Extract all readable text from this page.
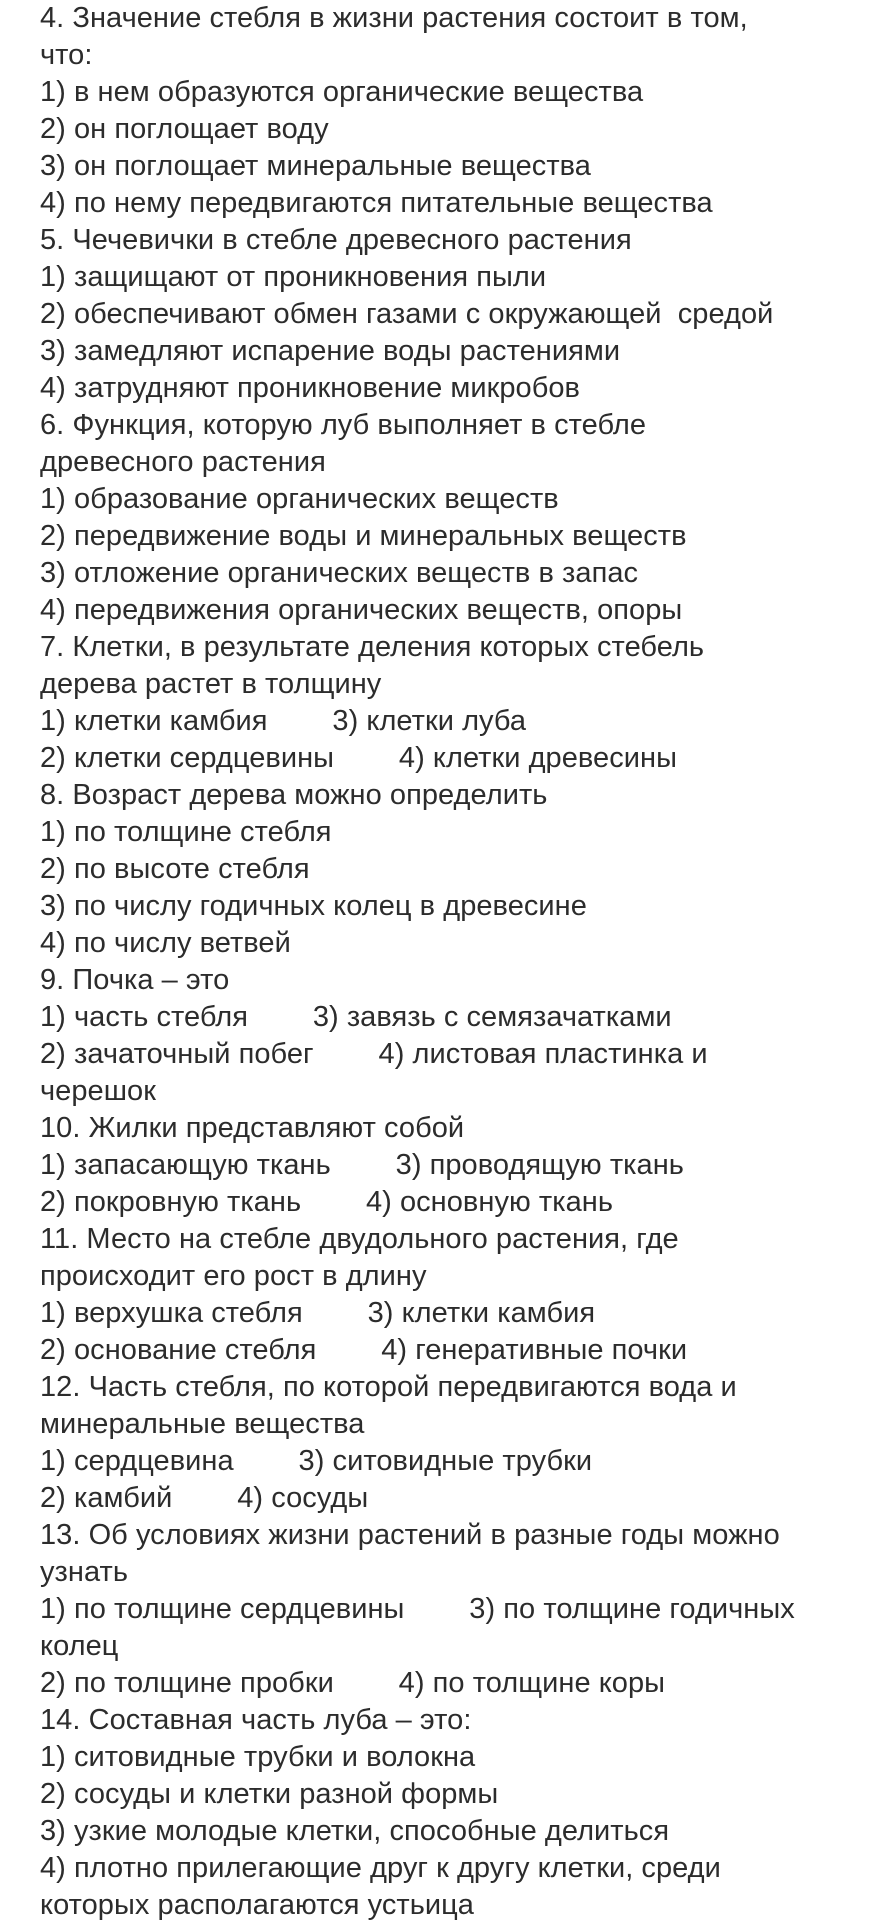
4. Значение стебля в жизни растения состоит в том,
что:
1) в нем образуются органические вещества
2) он поглощает воду
3) он поглощает минеральные вещества
4) по нему передвигаются питательные вещества
5. Чечевички в стебле древесного растения
1) защищают от проникновения пыли
2) обеспечивают обмен газами с окружающей  средой
3) замедляют испарение воды растениями
4) затрудняют проникновение микробов
6. Функция, которую луб выполняет в стебле
древесного растения
1) образование органических веществ
2) передвижение воды и минеральных веществ
3) отложение органических веществ в запас
4) передвижения органических веществ, опоры
7. Клетки, в результате деления которых стебель
дерева растет в толщину
1) клетки камбия        3) клетки луба
2) клетки сердцевины        4) клетки древесины
8. Возраст дерева можно определить
1) по толщине стебля
2) по высоте стебля
3) по числу годичных колец в древесине
4) по числу ветвей
9. Почка – это
1) часть стебля        3) завязь с семязачатками
2) зачаточный побег        4) листовая пластинка и
черешок
10. Жилки представляют собой
1) запасающую ткань        3) проводящую ткань
2) покровную ткань        4) основную ткань
11. Место на стебле двудольного растения, где
происходит его рост в длину
1) верхушка стебля        3) клетки камбия
2) основание стебля        4) генеративные почки
12. Часть стебля, по которой передвигаются вода и
минеральные вещества
1) сердцевина        3) ситовидные трубки
2) камбий        4) сосуды
13. Об условиях жизни растений в разные годы можно
узнать
1) по толщине сердцевины        3) по толщине годичных
колец
2) по толщине пробки        4) по толщине коры
14. Составная часть луба – это:
1) ситовидные трубки и волокна
2) сосуды и клетки разной формы
3) узкие молодые клетки, способные делиться
4) плотно прилегающие друг к другу клетки, среди
которых располагаются устьица
